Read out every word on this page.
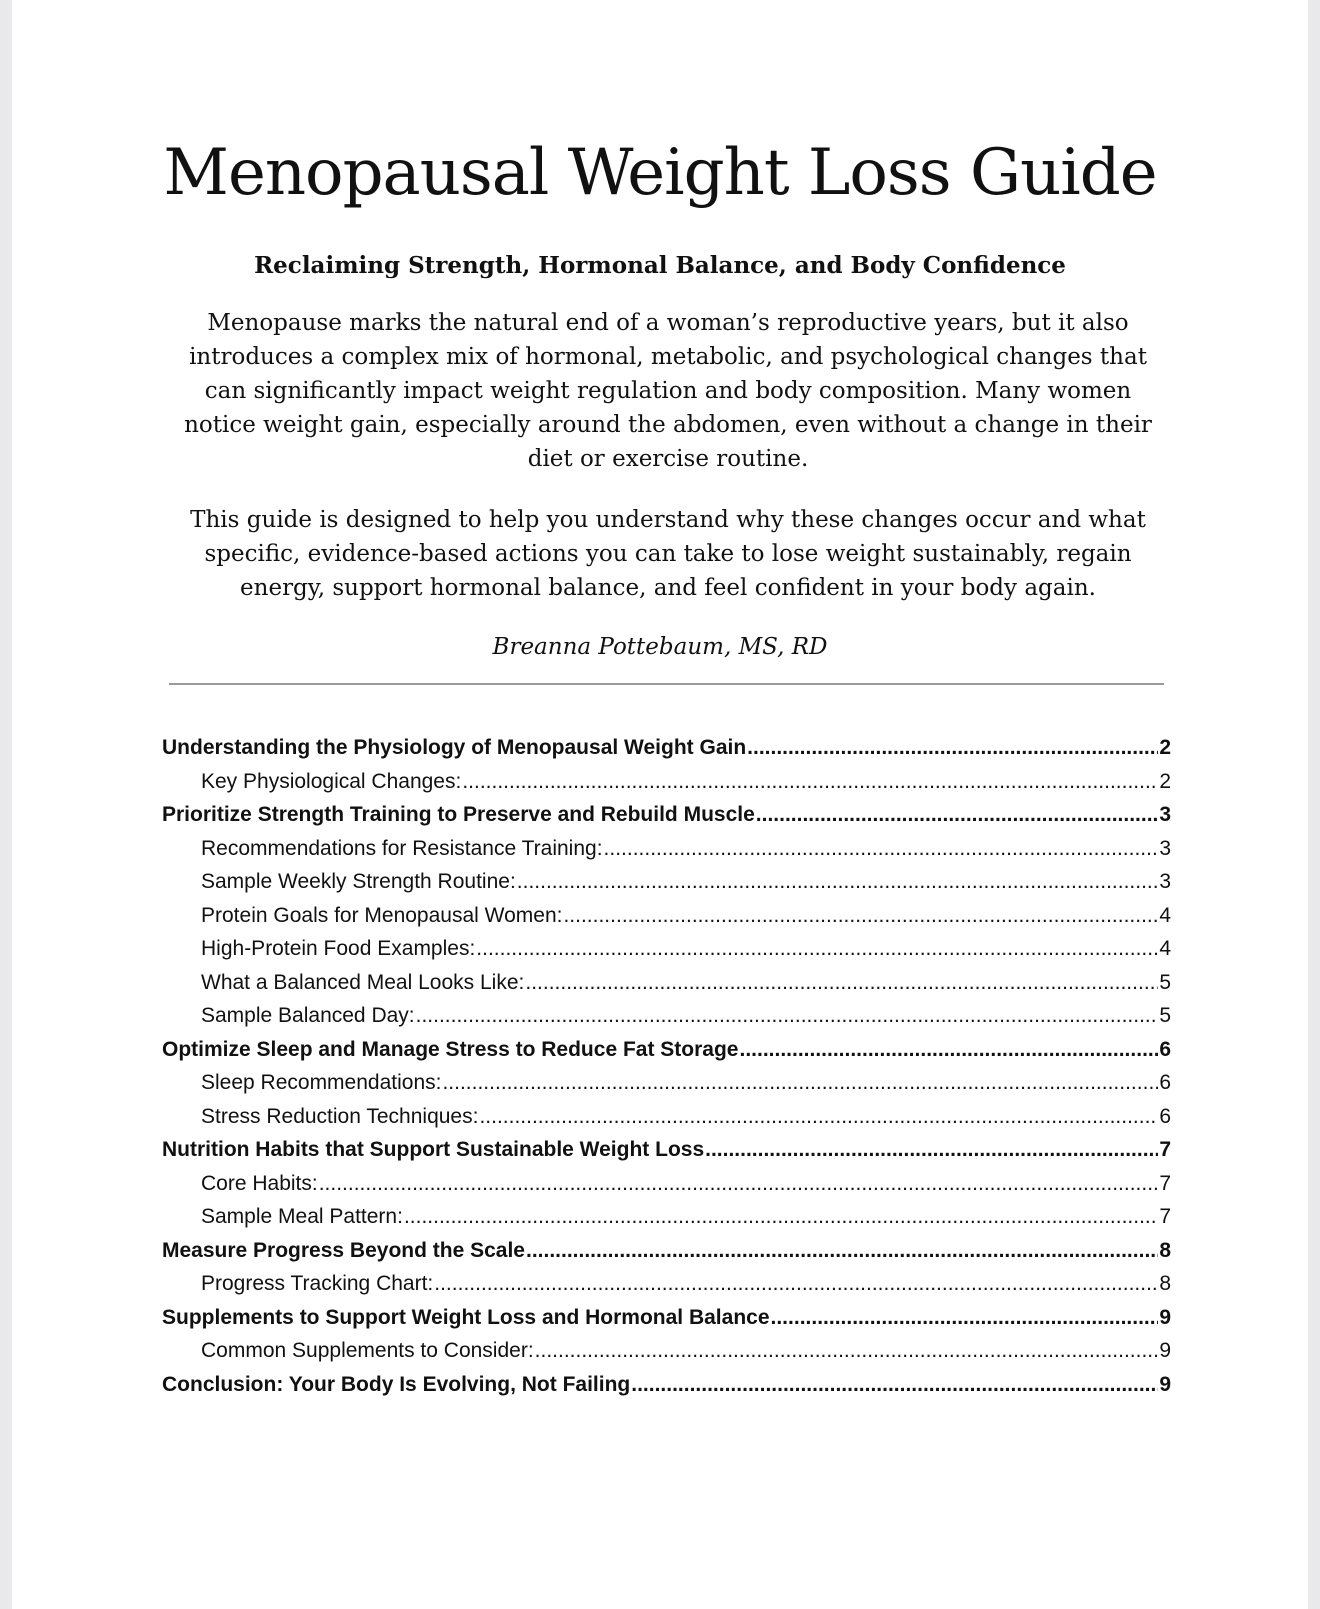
Menopausal Weight Loss Guide
Reclaiming Strength, Hormonal Balance, and Body Confidence

Menopause marks the natural end of a woman’s reproductive years, but it also introduces a complex mix of hormonal, metabolic, and psychological changes that can significantly impact weight regulation and body composition. Many women notice weight gain, especially around the abdomen, even without a change in their diet or exercise routine.

This guide is designed to help you understand why these changes occur and what specific, evidence-based actions you can take to lose weight sustainably, regain energy, support hormonal balance, and feel confident in your body again.

Breanna Pottebaum, MS, RD
Understanding the Physiology of Menopausal Weight Gain .....	2
Key Physiological Changes: .....	2
Prioritize Strength Training to Preserve and Rebuild Muscle .....	3
Recommendations for Resistance Training: .....	3
Sample Weekly Strength Routine: .....	3
Protein Goals for Menopausal Women: .....	4
High-Protein Food Examples: .....	4
What a Balanced Meal Looks Like: .....	5
Sample Balanced Day: .....	5
Optimize Sleep and Manage Stress to Reduce Fat Storage .....	6
Sleep Recommendations: .....	6
Stress Reduction Techniques: .....	6
Nutrition Habits that Support Sustainable Weight Loss .....	7
Core Habits: .....	7
Sample Meal Pattern: .....	7
Measure Progress Beyond the Scale .....	8
Progress Tracking Chart: .....	8
Supplements to Support Weight Loss and Hormonal Balance .....	9
Common Supplements to Consider: .....	9
Conclusion: Your Body Is Evolving, Not Failing .....	9
